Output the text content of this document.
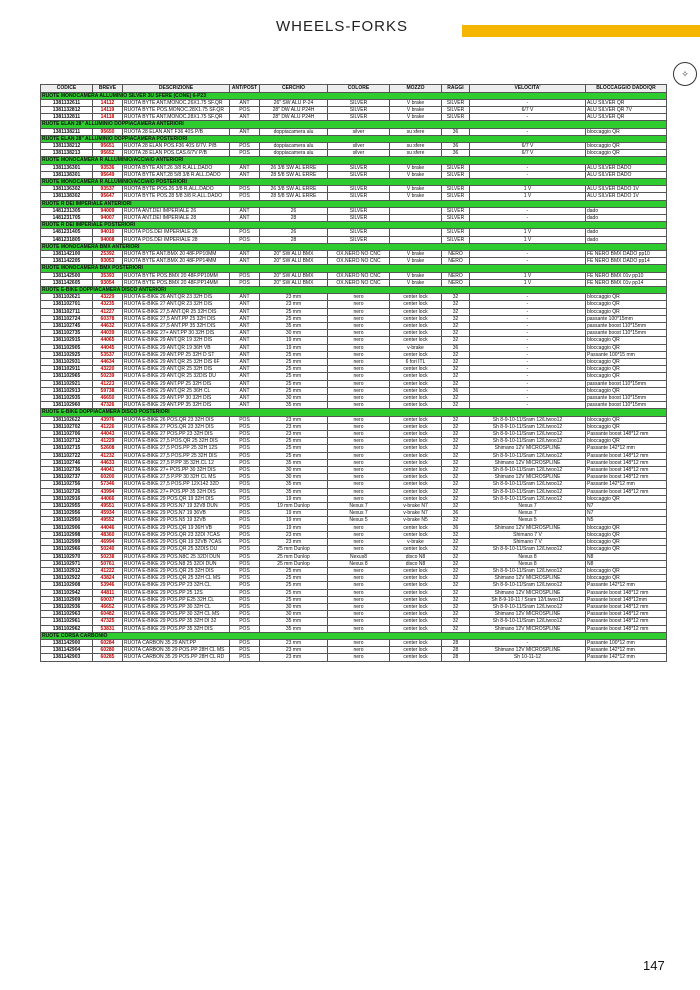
WHEELS-FORKS
✧
CODICE	BREVE	DESCRIZIONE	ANT/POST	CERCHIO	COLORE	MOZZO	RAGGI	VELOCITA'	BLOCCAGGIO DADO/QR
RUOTE MONOCAMERA ALLUMINIO SILVER 3U SFERE (CONE) 6-P23									
1381132611	14112	RUOTA BYTE ANT.MONOC.26X1.75 SF.QR	ANT	26" SW ALU P-24	SILVER	V brake	SILVER	-	ALU SILVER QR
1381132812	14119	RUOTA BYTE POS.MONOC.28X1.75 SF.QR	POS	28" DW ALU P24H	SILVER	V brake	SILVER	6/7 V	ALU SILVER QR 7V
1381132811	14118	RUOTA BYTE ANT.MONOC.28X1.75 SF.QR	ANT	28" DW ALU P24H	SILVER	V brake	SILVER	-	ALU SILVER QR
RUOTE ELAN 28" ALLUMINIO DOPPIACAMERA ANTERIORI									
1381138211	95650	RUOTA 28 ELAN ANT F36 40S P/B	ANT	doppiacamera alu	silver	su sfere	36	-	bloccaggio QR
RUOTE ELAN 28" ALLUMINIO DOPPIACAMERA POSTERIORI									
1381138212	95651	RUOTA 28 ELAN POS.F36 40S 6/7V. P/B	POS	doppiacamera alu	silver	su sfere	36	6/7 V	bloccaggio QR
1381138213	95652	RUOTA 28 ELAN POS.CAS.6/7V P/B	POS	doppiacamera alu	silver	su sfere	36	6/7 V	bloccaggio QR
RUOTE MONOCAMERA R ALLUMINIO/ACCIAIO ANTERIORI									
1381136301	93536	RUOTA BYTE ANT.26 3/8 R.ALL.DADO	ANT	26 3/8 SW AL ERRE	SILVER	V brake	SILVER	-	ALU SILVER DADO
1381138301	95649	RUOTA BYTE ANT.28 5/8 3/8 R.ALL.DADO	ANT	28 5/8 SW AL ERRE	SILVER	V brake	SILVER	-	ALU SILVER DADO
RUOTE MONOCAMERA R ALLUMINIO/ACCIAIO POSTERIORI									
1381136302	93537	RUOTA BYTE POS.26 3/8 R.ALL.DADO	POS	26 3/8 SW AL ERRE	SILVER	V brake	SILVER	1 V	ALU SILVER DADO 1V
1381138302	95647	RUOTA BYTE POS.28 5/8 3/8 R.ALL.DADO	POS	28 5/8 SW AL ERRE	SILVER	V brake	SILVER	1 V	ALU SILVER DADO 1V
RUOTE R DEI IMPERIALE ANTERIORI									
1481231305	94009	RUOTA ANT.DEI IMPERIALE 26	ANT	26	SILVER		SILVER	-	dado
1481231705	94007	RUOTA ANT.DEI IMPERIALE 28	ANT	28	SILVER		SILVER	-	dado
RUOTE R DEI IMPERIALE POSTERIORI									
1481231405	94010	RUOTA POS.DEI IMPERIALE 26	POS	26	SILVER		SILVER	1 V	dado
1481231805	94008	RUOTA POS.DEI IMPERIALE 28	POS	28	SILVER		SILVER	1 V	dado
RUOTE MONOCAMERA BMX ANTERIORI									
1381142100	25392	RUOTA BYTE ANT.BMX 20 48F.PP10MM	ANT	20" SW ALU BMX	OX.NERO NO CNC	V brake	NERO	-	FE NERO BMX DADO pp10
1381142205	93053	RUOTA BYTE ANT.BMX 20 48F.PP14MM	ANT	20" SW ALU BMX	OX.NERO NO CNC	V brake	NERO	-	FE NERO BMX DADO pp14
RUOTE MONOCAMERA BMX POSTERIORI									
1381142500	35393	RUOTA BYTE POS.BMX 20 48F.PP10MM	POS	20" SW ALU BMX	OX.NERO NO CNC	V brake	NERO	1 V	FE NERO BMX 01v pp10
1381142605	93054	RUOTA BYTE POS.BMX 20 48F.PP14MM	POS	20" SW ALU BMX	OX.NERO NO CNC	V brake	NERO	1 V	FE NERO BMX 01v pp14
RUOTE E-BIKE DOPPIACAMERA DISCO ANTERIORI									
1381102621	43229	RUOTA E-BIKE 26 ANT.QR 23 32H DIS	ANT	23 mm	nero	center lock	32	-	bloccaggio QR
1381102701	43235	RUOTA E-BIKE 27 ANT.QR 23 32H DIS	ANT	23 mm	nero	center lock	32	-	bloccaggio QR
1381102711	41227	RUOTA E-BIKE 27,5 ANT.QR 25 32H DIS	ANT	25 mm	nero	center lock	32	-	bloccaggio QR
1381102724	60378	RUOTA E-BIKE 27,5 ANT.PP 25 32H DIS	ANT	25 mm	nero	center lock	32	-	passante 100*15mm
1381102745	44632	RUOTA E-BIKE 27,5 ANT.PP 35 32H DIS	ANT	35 mm	nero	center lock	32	-	passante boost 110*15mm
1381102735	44039	RUOTA E-BIKE 27+ ANT.PP 30 32H DIS	ANT	30 mm	nero	center lock	32	-	passante boost 110*15mm
1381102915	44065	RUOTA E-BIKE 29 ANT.QR 19 32H DIS	ANT	19 mm	nero	center lock	32	-	bloccaggio QR
1381102905	44045	RUOTA E-BIKE 29 ANT.QR 19 36H VB	ANT	19 mm	nero	v-brake	36	-	bloccaggio QR
1381102925	53537	RUOTA E-BIKE 29 ANT.PP 25 32H D ST	ANT	25 mm	nero	center lock	32	-	Passante 100*15 mm
1381102931	44634	RUOTA E-BIKE 29 ANT.QR 25 32H DIS 6F	ANT	25 mm	nero	6 fori ITL	32	-	bloccaggio QR
1381102911	43220	RUOTA E-BIKE 29 ANT.QR 25 32H DIS	ANT	25 mm	nero	center lock	32	-	bloccaggio QR
1381102965	50239	RUOTA E-BIKE 29 ANT.QR 25 32DIS DU	ANT	25 mm	nero	center lock	32	-	bloccaggio QR
1381102921	41223	RUOTA E-BIKE 29 ANT.PP 25 32H DIS	ANT	25 mm	nero	center lock	32	-	passante boost 110*15mm
1381102913	59738	RUOTA E-BIKE 29 ANT.QR 25 36H CL	ANT	25 mm	nero	center lock	36	-	bloccaggio QR
1381102935	46650	RUOTA E-BIKE 29 ANT.PP 30 32H DIS	ANT	30 mm	nero	center lock	32	-	passante boost 110*15mm
1381102960	47326	RUOTA E-BIKE 29 ANT.PP 35 32H DIS	ANT	35 mm	nero	center lock	32	-	passante boost 110*15mm
RUOTE E-BIKE DOPPIACAMERA DISCO POSTERIORI									
1381102622	43976	RUOTA E-BIKE 26 POS.QR 23 32H DIS	POS	23 mm	nero	center lock	32	Sh 8-9-10-11/Sram 12/Ltwoo12	bloccaggio QR
1381102702	41226	RUOTA E-BIKE 27 POS.QR 23 32H DIS	POS	23 mm	nero	center lock	32	Sh 8-9-10-11/Sram 12/Ltwoo12	bloccaggio QR
1381102706	44043	RUOTA E-BIKE 27 POS.PP 23 32H DIS	POS	23 mm	nero	center lock	32	Sh 8-9-10-11/Sram 12/Ltwoo12	Passante boost 148*12 mm
1381102712	41229	RUOTA E-BIKE 27,5 POS.QR 25 32H DIS	POS	25 mm	nero	center lock	32	Sh 8-9-10-11/Sram 12/Ltwoo12	bloccaggio QR
1381102715	52608	RUOTA E-BIKE 27,5 POS.PP 25 32H 12S	POS	25 mm	nero	center lock	32	Shimano 12V MICROSPLINE	Passante 142*12 mm
1381102722	41232	RUOTA E-BIKE 27,5 POS.PP 25 32H DIS	POS	25 mm	nero	center lock	32	Sh 8-9-10-11/Sram 12/Ltwoo12	Passante boost 148*12 mm
1381102746	44633	RUOTA E-BIKE 27,5 P.PP 35 32H.CL 12	POS	35 mm	nero	center lock	32	Shimano 12V MICROSPLINE	Passante boost 148*12 mm
1381102736	44041	RUOTA E-BIKE 27+ POS.PP 30 32H DIS	POS	30 mm	nero	center lock	32	Sh 8-9-10-11/Sram 12/Ltwoo12	Passante boost 148*12 mm
1381102737	60200	RUOTA E-BIKE 27,5 P.PP 30 32H CL MS	POS	30 mm	nero	center lock	32	Shimano 12V MICROSPLINE	Passante boost 148*12 mm
1381102756	57346	RUOTA E-BIKE 27,5 POS.PP 12X142 32D	POS	35 mm	nero	center lock	32	Sh 8-9-10-11/Sram 12/Ltwoo12	Passante 142*12 mm
1381102726	43994	RUOTA E-BIKE 27+ POS.PP 35 32H DIS	POS	35 mm	nero	center lock	32	Sh 8-9-10-11/Sram 12/Ltwoo12	Passante boost 148*12 mm
1381102916	44066	RUOTA E-BIKE 29 POS.QR 19 32H DIS	POS	19 mm	nero	center lock	32	Sh 8-9-10-11/Sram 12/Ltwoo12	bloccaggio QR
1381102955	49551	RUOTA E-BIKE 29 POS.N7 19 32V8 DUN	POS	19 mm Dunlop	Nexus 7	v-brake N7	32	Nexus 7	N7
1381102956	45934	RUOTA E-BIKE 29 POS.N7 19 36VB	POS	19 mm	Nexus 7	v-brake N7	36	Nexus 7	N7
1381102950	49552	RUOTA E-BIKE 29 POS.N5 19 32VB	POS	19 mm	Nexus 5	v-brake N5	32	Nexus 5	N5
1381102906	44046	RUOTA E-BIKE 29 POS.QR 19 36H VB	POS	19 mm	nero	center lock	36	Shimano 12V MICROSPLINE	bloccaggio QR
1381102998	48360	RUOTA E-BIKE 29 POS.QR 23 32DI 7CAS	POS	23 mm	nero	center lock	32	Shimano 7 V	bloccaggio QR
1381102999	46994	RUOTA E-BIKE 29 POS QR 19 32VB 7CAS	POS	23 mm	nero	v-brake	32	Shimano 7 V	bloccaggio QR
1381102966	50240	RUOTA E-BIKE 29 POS.QR 25 32DIS DU	POS	25 mm Dunlop	nero	center lock	32	Sh 8-9-10-11/Sram 12/Ltwoo12	bloccaggio QR
1381102970	50238	RUOTA E-BIKE 29 POS.N8C 25 32DI DUN	POS	25 mm Dunlop	Nexus8	disco N8	32	Nexus 8	N8
1381102971	50761	RUOTA E-BIKE 29 POS.N8 25 32DI DUN	POS	25 mm Dunlop	Nexus 8	disco N8	32	Nexus 8	N8
1381102912	41222	RUOTA E-BIKE 29 POS.QR 25 32H DIS	POS	25 mm	nero	center lock	32	Sh 8-9-10-11/Sram 12/Ltwoo12	bloccaggio QR
1381102922	43824	RUOTA E-BIKE 29 POS.QR 25 32H CL MS	POS	25 mm	nero	center lock	32	Shimano 12V MICROSPLINE	bloccaggio QR
1381102908	53946	RUOTA E-BIKE 29 POS.PP 23 32H.CL	POS	25 mm	nero	center lock	32	Sh 8-9-10-11/Sram 12/Ltwoo12	Passante 142*12 mm
1381102942	44811	RUOTA E-BIKE 29 POS.PP 25 12S	POS	25 mm	nero	center lock	32	Shimano 12V MICROSPLINE	Passante boost 148*12 mm
1381102909	60037	RUOTA E-BIKE 29 POS.PP E25 32H.CL	POS	25 mm	nero	center lock	32	Sh 8-9-10-11 / Sram 12/Ltwoo12	Passante boost 148*12mm
1381102936	46652	RUOTA E-BIKE 29 POS.PP 30 32H CL	POS	30 mm	nero	center lock	32	Sh 8-9-10-11/Sram 12/Ltwoo12	Passante boost 148*12 mm
1381102963	60482	RUOTA E-BIKE 29 POS.PP 30 32H CL MS	POS	30 mm	nero	center lock	32	Shimano 12V MICROSPLINE	Passante boost 148*12 mm
1381102961	47325	RUOTA E-BIKE 29 POS.PP 35 32H DI 32	POS	35 mm	nero	center lock	32	Sh 8-9-10-11/Sram 12/Ltwoo12	Passante boost 148*12 mm
1381102962	53831	RUOTA E-BIKE 29 POS.PP 35 32H DIS	POS	35 mm	nero	center lock	32	Shimano 12V MICROSPLINE	Passante boost 148*12 mm
RUOTE CORSA CARBONIO									
1381142900	60284	RUOTA CARBON 35 29 ANT.PP	POS	23 mm	nero	center lock	28	-	Passante 100*12 mm
1381142904	60280	RUOTA CARBON 35 29 POS.PP 28H CL MS	POS	23 mm	nero	center lock	28	Shimano 12V MICROSPLINE	Passante 142*12 mm
1381142903	60285	RUOTA CARBON 35 29 POS.PP 28H CL RD	POS	23 mm	nero	center lock	28	Sh 10-11-12	Passante 142*12 mm
147
